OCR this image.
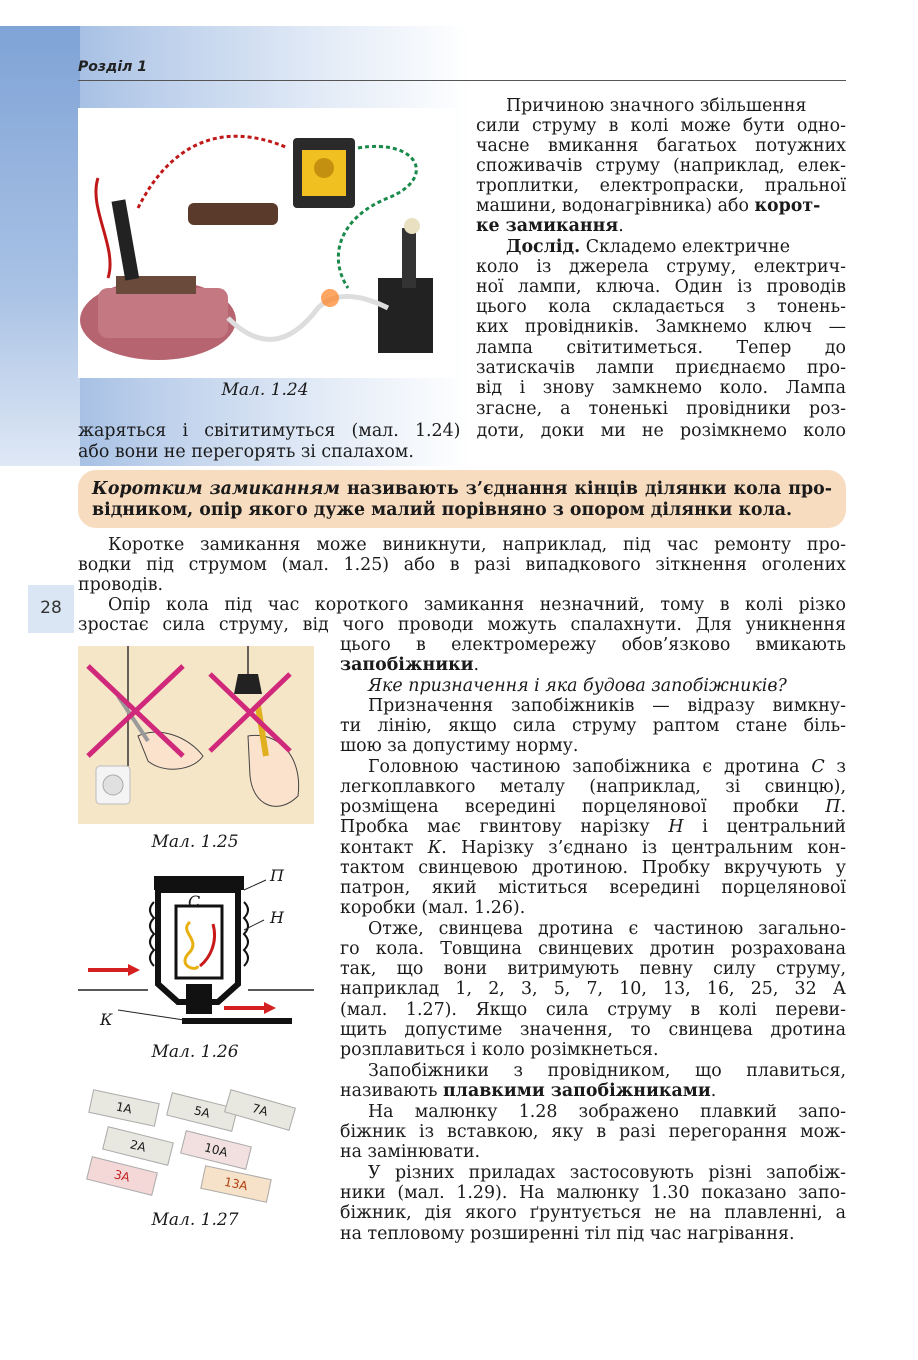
28
Розділ 1
Мал. 1.24
Причиною значного збільшення
сили струму в колі може бути одно-
часне вмикання багатьох потужних
споживачів струму (наприклад, елек-
троплитки, електропраски, пральної
машини, водонагрівника) або корот-
ке замикання.
Дослід. Складемо електричне
коло із джерела струму, електрич-
ної лампи, ключа. Один із проводів
цього кола складається з тонень-
ких провідників. Замкнемо ключ —
лампа світитиметься. Тепер до
затискачів лампи приєднаємо про-
від і знову замкнемо коло. Лампа
згасне, а тоненькі провідники роз-
жаряться і світитимуться (мал. 1.24) доти, доки ми не розімкнемо коло
або вони не перегорять зі спалахом.
Коротким замиканням називають з’єднання кінців ділянки кола про-
відником, опір якого дуже малий порівняно з опором ділянки кола.
Коротке замикання може виникнути, наприклад, під час ремонту про-
водки під струмом (мал. 1.25) або в разі випадкового зіткнення оголених
проводів.
Опір кола під час короткого замикання незначний, тому в колі різко
зростає сила струму, від чого проводи можуть спалахнути. Для уникнення
Мал. 1.25
С
П
Н
К
Мал. 1.26
1A	5A	7A
2A	10A
3A	13A
Мал. 1.27
цього в електромережу обов’язково вмикають
запобіжники.
Яке призначення і яка будова запобіжників?
Призначення запобіжників — відразу вимкну-
ти лінію, якщо сила струму раптом стане біль-
шою за допустиму норму.
Головною частиною запобіжника є дротина С з
легкоплавкого металу (наприклад, зі свинцю),
розміщена всередині порцелянової пробки П.
Пробка має гвинтову нарізку Н і центральний
контакт К. Нарізку з’єднано із центральним кон-
тактом свинцевою дротиною. Пробку вкручують у
патрон, який міститься всередині порцелянової
коробки (мал. 1.26).
Отже, свинцева дротина є частиною загально-
го кола. Товщина свинцевих дротин розрахована
так, що вони витримують певну силу струму,
наприклад 1, 2, 3, 5, 7, 10, 13, 16, 25, 32 А
(мал. 1.27). Якщо сила струму в колі переви-
щить допустиме значення, то свинцева дротина
розплавиться і коло розімкнеться.
Запобіжники з провідником, що плавиться,
називають плавкими запобіжниками.
На малюнку 1.28 зображено плавкий запо-
біжник із вставкою, яку в разі перегорання мож-
на замінювати.
У різних приладах застосовують різні запобіж-
ники (мал. 1.29). На малюнку 1.30 показано запо-
біжник, дія якого ґрунтується не на плавленні, а
на тепловому розширенні тіл під час нагрівання.
